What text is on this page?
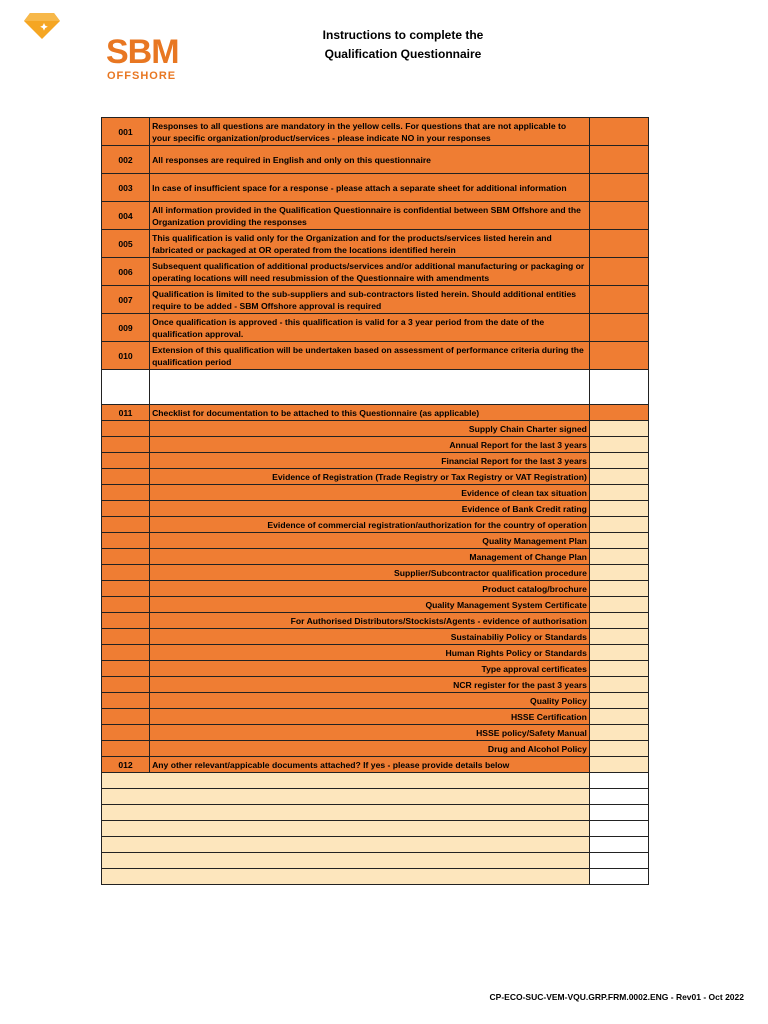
SBM
OFFSHORE
Instructions to complete the
Qualification Questionnaire
001	Responses to all questions are mandatory in the yellow cells. For questions that are not applicable to your specific organization/product/services - please indicate NO in your responses	
002	All responses are required in English and only on this questionnaire	
003	In case of insufficient space for a response - please attach a separate sheet for additional information	
004	All information provided in the Qualification Questionnaire is confidential between SBM Offshore and the Organization providing the responses	
005	This qualification is valid only for the Organization and for the products/services listed herein and fabricated or packaged at OR operated from the locations identified herein	
006	Subsequent qualification of additional products/services and/or additional manufacturing or packaging or operating locations will need resubmission of the Questionnaire with amendments	
007	Qualification is limited to the sub-suppliers and sub-contractors listed herein. Should additional entities require to be added - SBM Offshore approval is required	
009	Once qualification is approved - this qualification is valid for a 3 year period from the date of the qualification approval.	
010	Extension of this qualification will be undertaken based on assessment of performance criteria during the qualification period	

011	Checklist for documentation to be attached to this Questionnaire (as applicable)	
	Supply Chain Charter signed	
	Annual Report for the last 3 years	
	Financial Report for the last 3 years	
	Evidence of Registration (Trade Registry or Tax Registry or VAT Registration)	
	Evidence of clean tax situation	
	Evidence of Bank Credit rating	
	Evidence of commercial registration/authorization for the country of operation	
	Quality Management Plan	
	Management of Change Plan	
	Supplier/Subcontractor qualification procedure	
	Product catalog/brochure	
	Quality Management System Certificate	
	For Authorised Distributors/Stockists/Agents - evidence of authorisation	
	Sustainabiliy Policy or Standards	
	Human Rights Policy or Standards	
	Type approval certificates	
	NCR register for the past 3 years	
	Quality Policy	
	HSSE Certification	
	HSSE policy/Safety Manual	
	Drug and Alcohol Policy	
012	Any other relevant/appicable documents attached? If yes - please provide details below	

CP-ECO-SUC-VEM-VQU.GRP.FRM.0002.ENG - Rev01 - Oct 2022
